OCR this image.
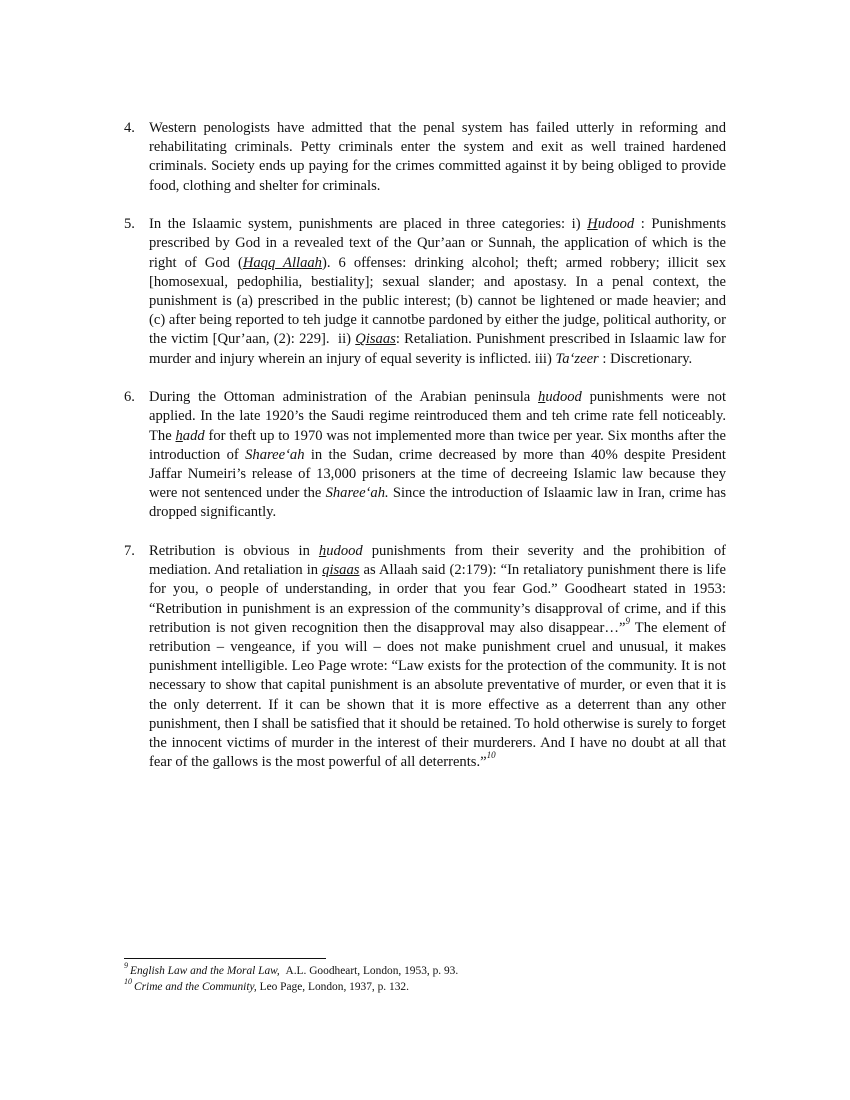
4. Western penologists have admitted that the penal system has failed utterly in reforming and rehabilitating criminals. Petty criminals enter the system and exit as well trained hardened criminals. Society ends up paying for the crimes committed against it by being obliged to provide food, clothing and shelter for criminals.
5. In the Islaamic system, punishments are placed in three categories: i) Hudood : Punishments prescribed by God in a revealed text of the Qur’aan or Sunnah, the application of which is the right of God (Haqq Allaah). 6 offenses: drinking alcohol; theft; armed robbery; illicit sex [homosexual, pedophilia, bestiality]; sexual slander; and apostasy. In a penal context, the punishment is (a) prescribed in the public interest; (b) cannot be lightened or made heavier; and (c) after being reported to teh judge it cannotbe pardoned by either the judge, political authority, or the victim [Qur’aan, (2): 229].  ii) Qisaas: Retaliation. Punishment prescribed in Islaamic law for murder and injury wherein an injury of equal severity is inflicted. iii) Ta‘zeer : Discretionary.
6. During the Ottoman administration of the Arabian peninsula hudood punishments were not applied. In the late 1920’s the Saudi regime reintroduced them and teh crime rate fell noticeably. The hadd for theft up to 1970 was not implemented more than twice per year. Six months after the introduction of Sharee‘ah in the Sudan, crime decreased by more than 40% despite President Jaffar Numeiri’s release of 13,000 prisoners at the time of decreeing Islamic law because they were not sentenced under the Sharee‘ah. Since the introduction of Islaamic law in Iran, crime has dropped significantly.
7. Retribution is obvious in hudood punishments from their severity and the prohibition of mediation. And retaliation in qisaas as Allaah said (2:179): “In retaliatory punishment there is life for you, o people of understanding, in order that you fear God.” Goodheart stated in 1953: “Retribution in punishment is an expression of the community’s disapproval of crime, and if this retribution is not given recognition then the disapproval may also disappear…”$^9$ The element of retribution – vengeance, if you will – does not make punishment cruel and unusual, it makes punishment intelligible. Leo Page wrote: “Law exists for the protection of the community. It is not necessary to show that capital punishment is an absolute preventative of murder, or even that it is the only deterrent. If it can be shown that it is more effective as a deterrent than any other punishment, then I shall be satisfied that it should be retained. To hold otherwise is surely to forget the innocent victims of murder in the interest of their murderers. And I have no doubt at all that fear of the gallows is the most powerful of all deterrents.”$^{10}$
$^9$ English Law and the Moral Law,  A.L. Goodheart, London, 1953, p. 93.
$^{10}$ Crime and the Community, Leo Page, London, 1937, p. 132.
